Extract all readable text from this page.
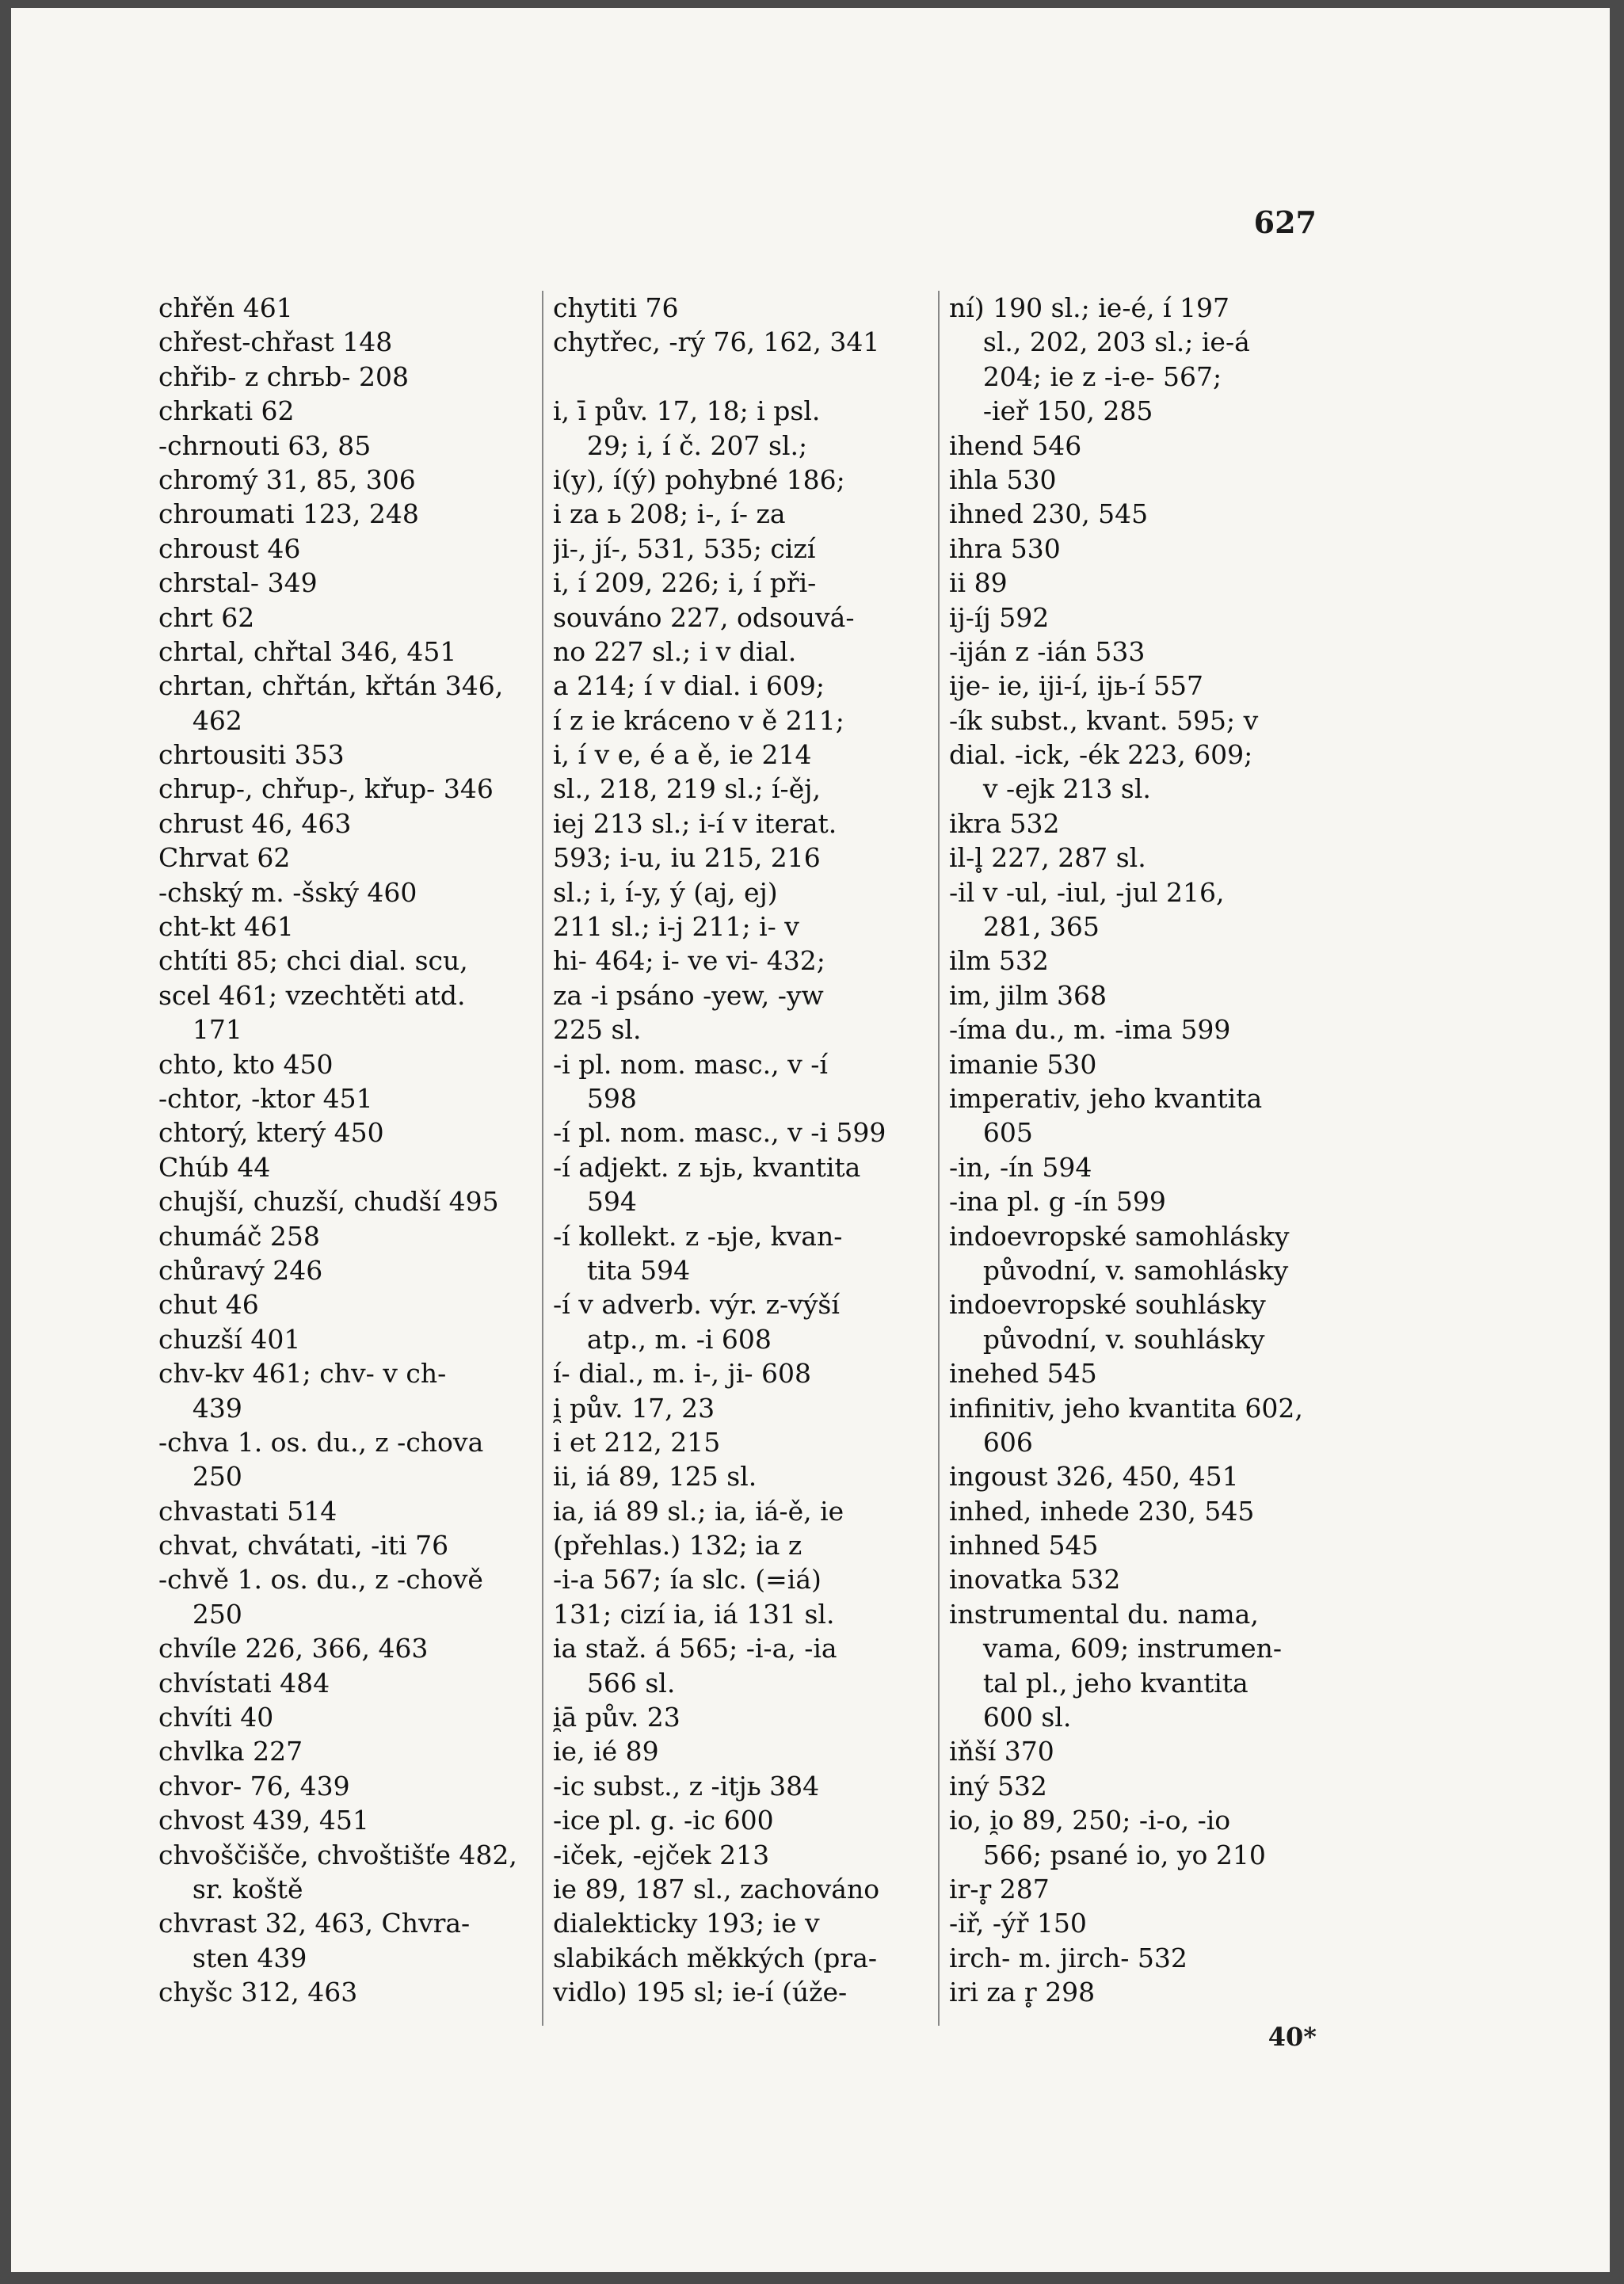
627
chřěn 461
chřest-chřast 148
chřib- z chrьb- 208
chrkati 62
-chrnouti 63, 85
chromý 31, 85, 306
chroumati 123, 248
chroust 46
chrstal- 349
chrt 62
chrtal, chřtal 346, 451
chrtan, chřtán, křtán 346,
462
chrtousiti 353
chrup-, chřup-, křup- 346
chrust 46, 463
Chrvat 62
-chský m. -šský 460
cht-kt 461
chtíti 85; chci dial. scu,
scel 461; vzechtěti atd.
171
chto, kto 450
-chtor, -ktor 451
chtorý, který 450
Chúb 44
chujší, chuzší, chudší 495
chumáč 258
chůravý 246
chut 46
chuzší 401
chv-kv 461; chv- v ch-
439
-chva 1. os. du., z -chova
250
chvastati 514
chvat, chvátati, -iti 76
-chvě 1. os. du., z -chově
250
chvíle 226, 366, 463
chvístati 484
chvíti 40
chvlka 227
chvor- 76, 439
chvost 439, 451
chvoščišče, chvoštišťe 482,
sr. koště
chvrast 32, 463, Chvra-
sten 439
chyšc 312, 463
chytiti 76
chytřec, -rý 76, 162, 341
i, ī pův. 17, 18; i psl.
29; i, í č. 207 sl.;
i(y), í(ý) pohybné 186;
i za ь 208; i-, í- za
ji-, jí-, 531, 535; cizí
i, í 209, 226; i, í při-
souváno 227, odsouvá-
no 227 sl.; i v dial.
a 214; í v dial. i 609;
í z ie kráceno v ě 211;
i, í v e, é a ě, ie 214
sl., 218, 219 sl.; í-ěj,
iej 213 sl.; i-í v iterat.
593; i-u, iu 215, 216
sl.; i, í-y, ý (aj, ej)
211 sl.; i-j 211; i- v
hi- 464; i- ve vi- 432;
za -i psáno -yew, -yw
225 sl.
-i pl. nom. masc., v -í
598
-í pl. nom. masc., v -i 599
-í adjekt. z ьjь, kvantita
594
-í kollekt. z -ьje, kvan-
tita 594
-í v adverb. výr. z-výší
atp., m. -i 608
í- dial., m. i-, ji- 608
i̯ pův. 17, 23
i et 212, 215
ii, iá 89, 125 sl.
ia, iá 89 sl.; ia, iá-ě, ie
(přehlas.) 132; ia z
-i-a 567; ía slc. (=iá)
131; cizí ia, iá 131 sl.
ia staž. á 565; -i-a, -ia
566 sl.
i̯ā pův. 23
ie, ié 89
-ic subst., z -itjь 384
-ice pl. g. -ic 600
-iček, -ejček 213
ie 89, 187 sl., zachováno
dialekticky 193; ie v
slabikách měkkých (pra-
vidlo) 195 sl; ie-í (úže-
ní) 190 sl.; ie-é, í 197
sl., 202, 203 sl.; ie-á
204; ie z -i-e- 567;
-ieř 150, 285
ihend 546
ihla 530
ihned 230, 545
ihra 530
ii 89
ij-íj 592
-iján z -ián 533
ije- ie, iji-í, ijь-í 557
-ík subst., kvant. 595; v
dial. -ick, -ék 223, 609;
v -ejk 213 sl.
ikra 532
il-l̥ 227, 287 sl.
-il v -ul, -iul, -jul 216,
281, 365
ilm 532
im, jilm 368
-íma du., m. -ima 599
imanie 530
imperativ, jeho kvantita
605
-in, -ín 594
-ina pl. g -ín 599
indoevropské samohlásky
původní, v. samohlásky
indoevropské souhlásky
původní, v. souhlásky
inehed 545
infinitiv, jeho kvantita 602,
606
ingoust 326, 450, 451
inhed, inhede 230, 545
inhned 545
inovatka 532
instrumental du. nama,
vama, 609; instrumen-
tal pl., jeho kvantita
600 sl.
iňší 370
iný 532
io, i̯o 89, 250; -i-o, -io
566; psané io, yo 210
ir-r̥ 287
-iř, -ýř 150
irch- m. jirch- 532
iri za r̥ 298
40*
